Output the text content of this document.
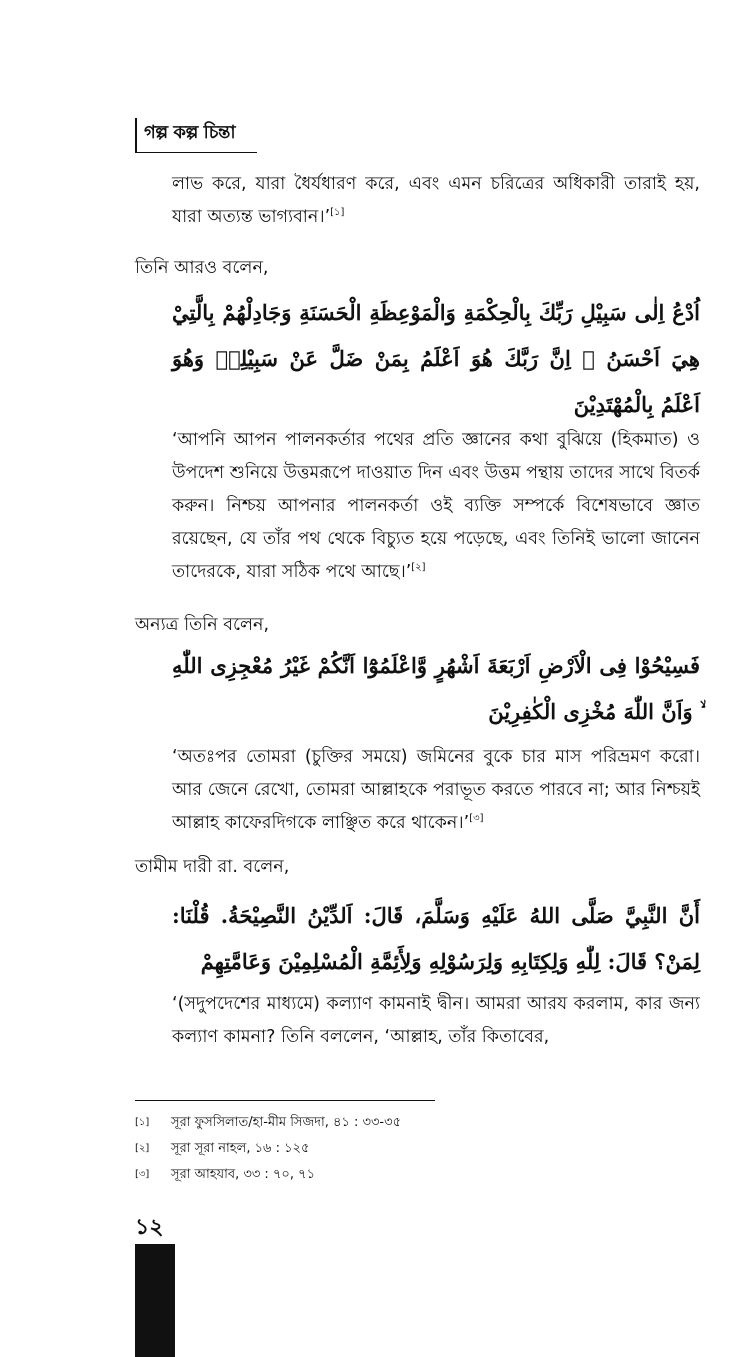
গল্প কল্প চিন্তা
লাভ করে, যারা ধৈর্যধারণ করে, এবং এমন চরিত্রের অধিকারী তারাই হয়, যারা অত্যন্ত ভাগ্যবান।’[১]
তিনি আরও বলেন,
اُدْعُ اِلٰى سَبِيْلِ رَبِّكَ بِالْحِكْمَةِ وَالْمَوْعِظَةِ الْحَسَنَةِ وَجَادِلْهُمْ بِالَّتِيْ هِيَ اَحْسَنُ ۗ اِنَّ رَبَّكَ هُوَ اَعْلَمُ بِمَنْ ضَلَّ عَنْ سَبِيْلِهٖ وَهُوَ اَعْلَمُ بِالْمُهْتَدِيْنَ
‘আপনি আপন পালনকর্তার পথের প্রতি জ্ঞানের কথা বুঝিয়ে (হিকমাত) ও উপদেশ শুনিয়ে উত্তমরূপে দাওয়াত দিন এবং উত্তম পন্থায় তাদের সাথে বিতর্ক করুন। নিশ্চয় আপনার পালনকর্তা ওই ব্যক্তি সম্পর্কে বিশেষভাবে জ্ঞাত রয়েছেন, যে তাঁর পথ থেকে বিচ্যুত হয়ে পড়েছে, এবং তিনিই ভালো জানেন তাদেরকে, যারা সঠিক পথে আছে।’[২]
অন্যত্র তিনি বলেন,
فَسِيْحُوْا فِى الْاَرْضِ اَرْبَعَةَ اَشْهُرٍ وَّاعْلَمُوْٓا اَنَّكُمْ غَيْرُ مُعْجِزِى اللّٰهِ ۙ وَاَنَّ اللّٰهَ مُخْزِى الْكٰفِرِيْنَ
‘অতঃপর তোমরা (চুক্তির সময়ে) জমিনের বুকে চার মাস পরিভ্রমণ করো। আর জেনে রেখো, তোমরা আল্লাহকে পরাভূত করতে পারবে না; আর নিশ্চয়ই আল্লাহ কাফেরদিগকে লাঞ্ছিত করে থাকেন।’[৩]
তামীম দারী রা. বলেন,
أَنَّ النَّبِيَّ صَلَّى اللهُ عَلَيْهِ وَسَلَّمَ، قَالَ: اَلدِّيْنُ النَّصِيْحَةُ. قُلْنَا: لِمَنْ؟ قَالَ: لِلّٰهِ وَلِكِتَابِهِ وَلِرَسُوْلِهِ وَلِأَئِمَّةِ الْمُسْلِمِيْنَ وَعَامَّتِهِمْ
‘(সদুপদেশের মাধ্যমে) কল্যাণ কামনাই দ্বীন। আমরা আরয করলাম, কার জন্য কল্যাণ কামনা? তিনি বললেন, ‘আল্লাহ, তাঁর কিতাবের,
[১] সূরা ফুসসিলাত/হা-মীম সিজদা, ৪১ : ৩৩-৩৫
[২] সূরা সূরা নাহল, ১৬ : ১২৫
[৩] সূরা আহযাব, ৩৩ : ৭০, ৭১
১২
